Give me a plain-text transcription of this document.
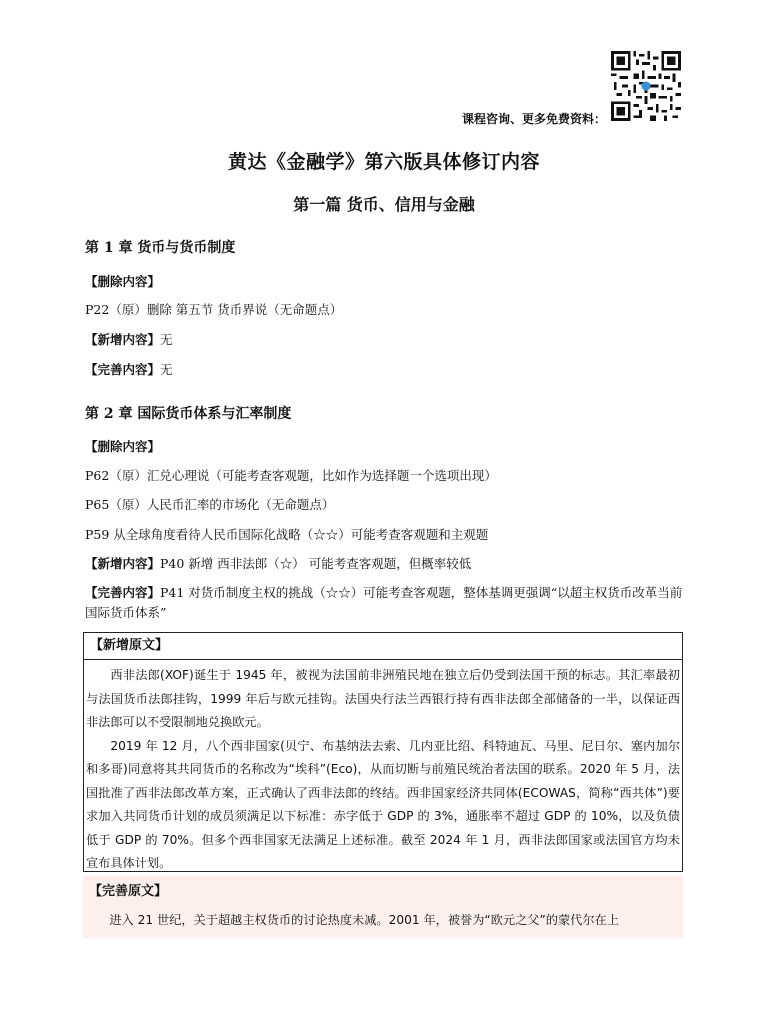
课程咨询、更多免费资料：
黄达《金融学》第六版具体修订内容
第一篇 货币、信用与金融
第 1 章 货币与货币制度
【删除内容】
P22（原）删除 第五节 货币界说（无命题点）
【新增内容】无
【完善内容】无
第 2 章 国际货币体系与汇率制度
【删除内容】
P62（原）汇兑心理说（可能考查客观题，比如作为选择题一个选项出现）
P65（原）人民币汇率的市场化（无命题点）
P59 从全球角度看待人民币国际化战略（☆☆）可能考查客观题和主观题
【新增内容】P40 新增 西非法郎（☆） 可能考查客观题，但概率较低
【完善内容】P41 对货币制度主权的挑战（☆☆）可能考查客观题，整体基调更强调“以超主权货币改革当前国际货币体系”
【新增原文】

西非法郎(XOF)诞生于 1945 年，被视为法国前非洲殖民地在独立后仍受到法国干预的标志。其汇率最初与法国货币法郎挂钩，1999 年后与欧元挂钩。法国央行法兰西银行持有西非法郎全部储备的一半，以保证西非法郎可以不受限制地兑换欧元。

2019 年 12 月，八个西非国家(贝宁、布基纳法去索、几内亚比绍、科特迪瓦、马里、尼日尔、塞内加尔和多哥)同意将其共同货币的名称改为“埃科”(Eco)，从而切断与前殖民统治者法国的联系。2020 年 5 月，法国批准了西非法郎改革方案，正式确认了西非法郎的终结。西非国家经济共同体(ECOWAS，简称“西共体”)要求加入共同货币计划的成员须满足以下标准：赤字低于 GDP 的 3%，通胀率不超过 GDP 的 10%，以及负债低于 GDP 的 70%。但多个西非国家无法满足上述标准。截至 2024 年 1 月，西非法郎国家或法国官方均未宣布具体计划。

【完善原文】
进入 21 世纪，关于超越主权货币的讨论热度未减。2001 年，被誉为“欧元之父”的蒙代尔在上
